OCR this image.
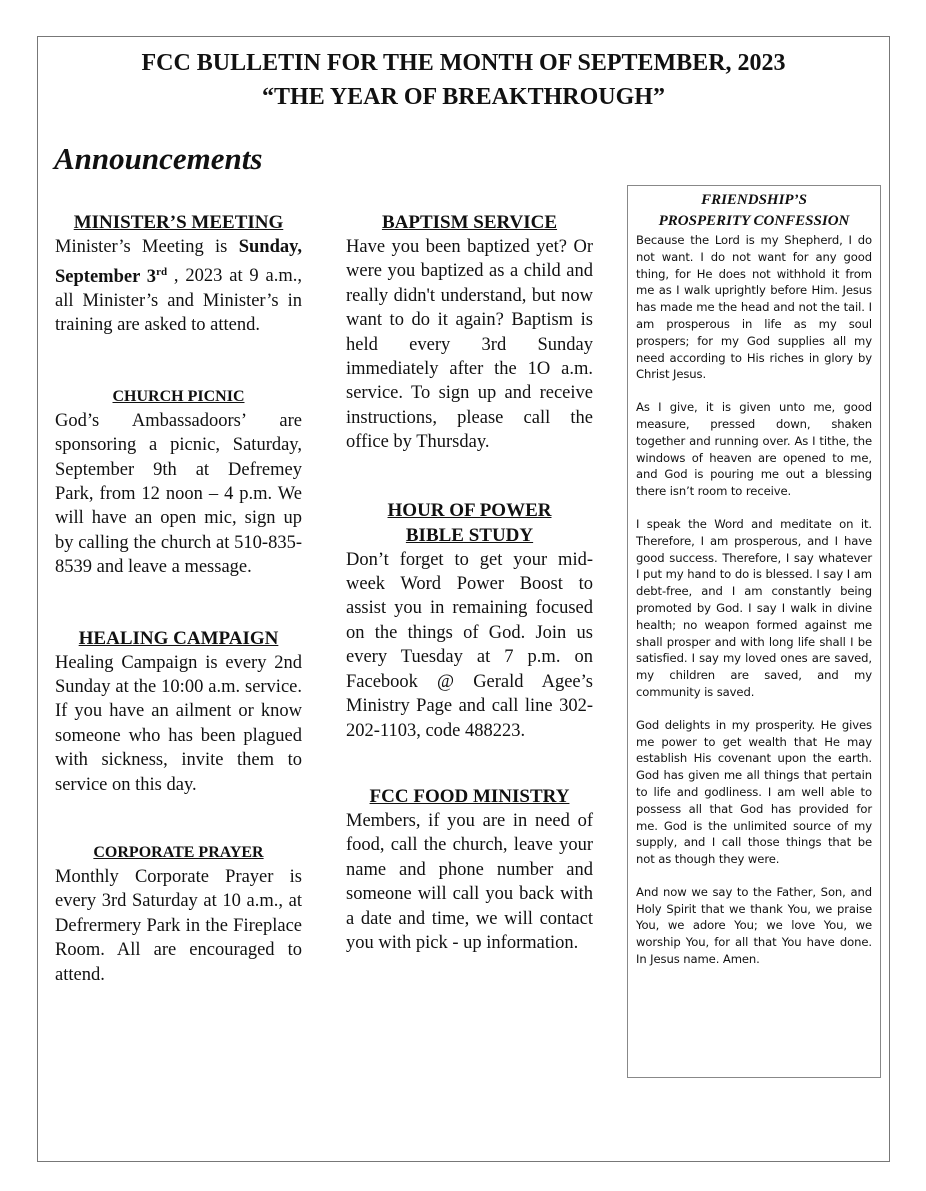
FCC BULLETIN FOR THE MONTH OF SEPTEMBER, 2023
“THE YEAR OF BREAKTHROUGH”
Announcements
MINISTER’S MEETING

Minister’s Meeting is Sunday, September 3rd , 2023 at 9 a.m., all Minister’s and Minister’s in training are asked to attend.

CHURCH PICNIC

God’s Ambassadoors’ are sponsoring a picnic, Saturday, September 9th at Defremey Park, from 12 noon – 4 p.m. We will have an open mic, sign up by calling the church at 510-835-8539 and leave a message.

HEALING CAMPAIGN

Healing Campaign is every 2nd Sunday at the 10:00 a.m. service. If you have an ailment or know someone who has been plagued with sickness, invite them to service on this day.

CORPORATE PRAYER

Monthly Corporate Prayer is every 3rd Saturday at 10 a.m., at Defrermery Park in the Fireplace Room. All are encouraged to attend.

BAPTISM SERVICE

Have you been baptized yet? Or were you baptized as a child and really didn't understand, but now want to do it again? Baptism is held every 3rd Sunday immediately after the 1O a.m. service. To sign up and receive instructions, please call the office by Thursday.

HOUR OF POWER
BIBLE STUDY

Don’t forget to get your mid-week Word Power Boost to assist you in remaining focused on the things of God. Join us every Tuesday at 7 p.m. on Facebook @ Gerald Agee’s Ministry Page and call line 302-202-1103, code 488223.

FCC FOOD MINISTRY

Members, if you are in need of food, call the church, leave your name and phone number and someone will call you back with a date and time, we will contact you with pick - up information.

FRIENDSHIP’S
PROSPERITY CONFESSION

Because the Lord is my Shepherd, I do not want. I do not want for any good thing, for He does not withhold it from me as I walk uprightly before Him. Jesus has made me the head and not the tail. I am prosperous in life as my soul prospers; for my God supplies all my need according to His riches in glory by Christ Jesus.

As I give, it is given unto me, good measure, pressed down, shaken together and running over. As I tithe, the windows of heaven are opened to me, and God is pouring me out a blessing there isn’t room to receive.

I speak the Word and meditate on it. Therefore, I am prosperous, and I have good success. Therefore, I say whatever I put my hand to do is blessed. I say I am debt-free, and I am constantly being promoted by God. I say I walk in divine health; no weapon formed against me shall prosper and with long life shall I be satisfied. I say my loved ones are saved, my children are saved, and my community is saved.

God delights in my prosperity. He gives me power to get wealth that He may establish His covenant upon the earth. God has given me all things that pertain to life and godliness. I am well able to possess all that God has provided for me. God is the unlimited source of my supply, and I call those things that be not as though they were.

And now we say to the Father, Son, and Holy Spirit that we thank You, we praise You, we adore You; we love You, we worship You, for all that You have done. In Jesus name. Amen.
